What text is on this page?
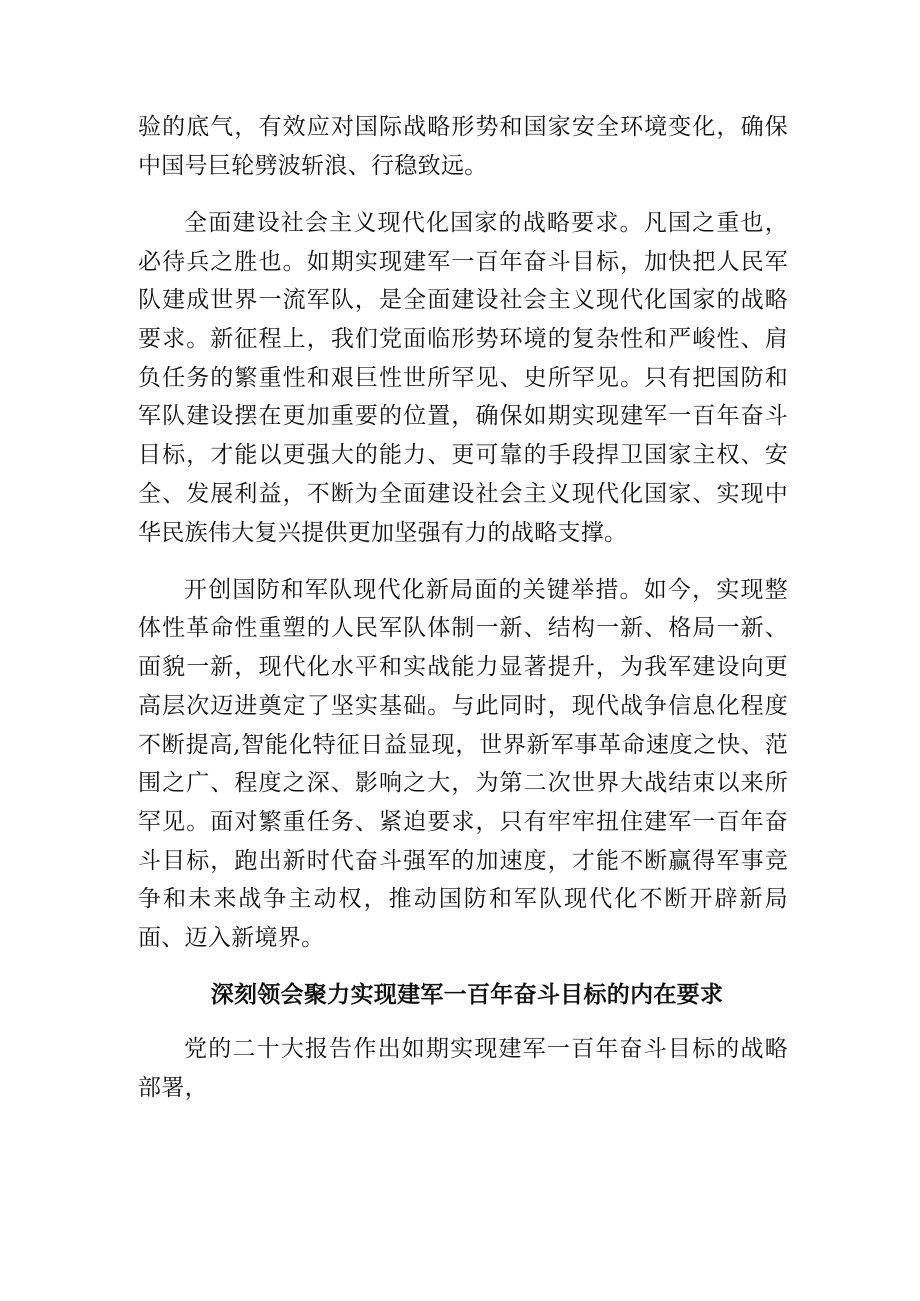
验的底气，有效应对国际战略形势和国家安全环境变化，确保中国号巨轮劈波斩浪、行稳致远。

全面建设社会主义现代化国家的战略要求。凡国之重也，必待兵之胜也。如期实现建军一百年奋斗目标，加快把人民军队建成世界一流军队，是全面建设社会主义现代化国家的战略要求。新征程上，我们党面临形势环境的复杂性和严峻性、肩负任务的繁重性和艰巨性世所罕见、史所罕见。只有把国防和军队建设摆在更加重要的位置，确保如期实现建军一百年奋斗目标，才能以更强大的能力、更可靠的手段捍卫国家主权、安全、发展利益，不断为全面建设社会主义现代化国家、实现中华民族伟大复兴提供更加坚强有力的战略支撑。

开创国防和军队现代化新局面的关键举措。如今，实现整体性革命性重塑的人民军队体制一新、结构一新、格局一新、面貌一新，现代化水平和实战能力显著提升，为我军建设向更高层次迈进奠定了坚实基础。与此同时，现代战争信息化程度不断提高,智能化特征日益显现，世界新军事革命速度之快、范围之广、程度之深、影响之大，为第二次世界大战结束以来所罕见。面对繁重任务、紧迫要求，只有牢牢扭住建军一百年奋斗目标，跑出新时代奋斗强军的加速度，才能不断赢得军事竞争和未来战争主动权，推动国防和军队现代化不断开辟新局面、迈入新境界。

深刻领会聚力实现建军一百年奋斗目标的内在要求

党的二十大报告作出如期实现建军一百年奋斗目标的战略部署，
